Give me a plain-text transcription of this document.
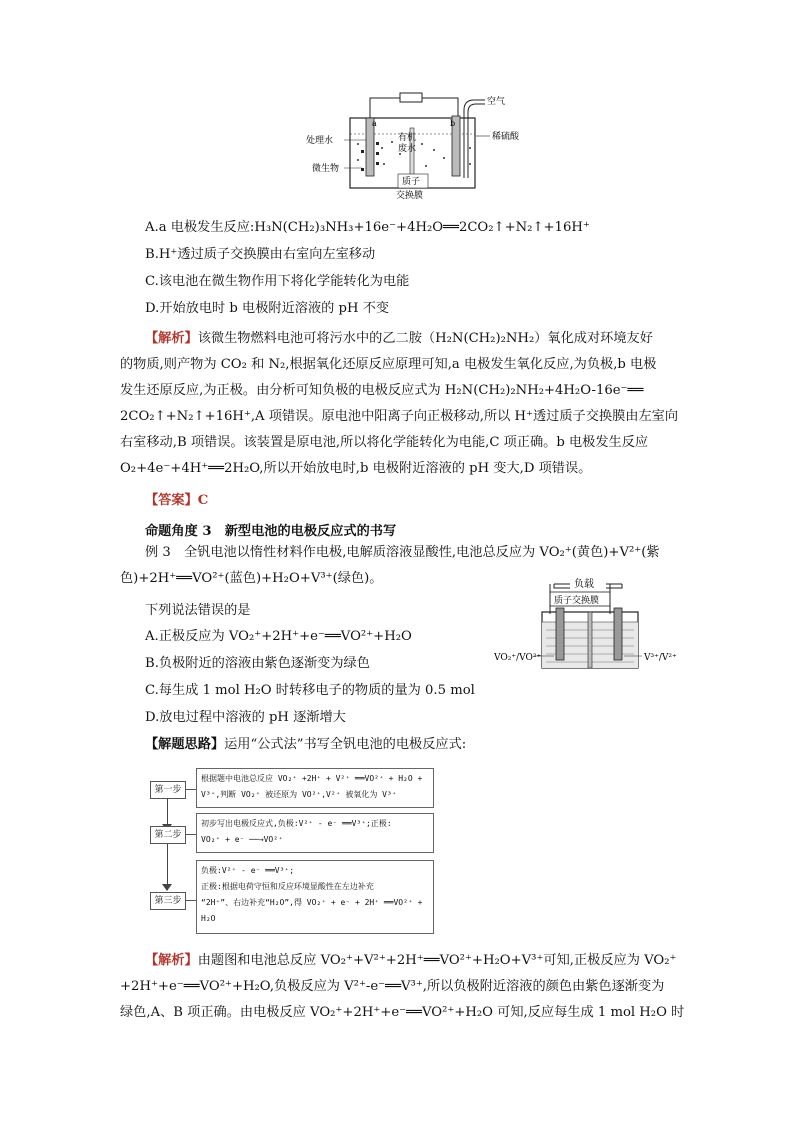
a	b
空气
处理水	有机
废水
稀硫酸
微生物
质子
交换膜
A.a 电极发生反应:H₃N(CH₂)₃NH₃+16e⁻+4H₂O══2CO₂↑+N₂↑+16H⁺
B.H⁺透过质子交换膜由右室向左室移动
C.该电池在微生物作用下将化学能转化为电能
D.开始放电时 b 电极附近溶液的 pH 不变
【解析】该微生物燃料电池可将污水中的乙二胺（H₂N(CH₂)₂NH₂）氧化成对环境友好
的物质,则产物为 CO₂ 和 N₂,根据氧化还原反应原理可知,a 电极发生氧化反应,为负极,b 电极
发生还原反应,为正极。由分析可知负极的电极反应式为 H₂N(CH₂)₂NH₂+4H₂O-16e⁻══
2CO₂↑+N₂↑+16H⁺,A 项错误。原电池中阳离子向正极移动,所以 H⁺透过质子交换膜由左室向
右室移动,B 项错误。该装置是原电池,所以将化学能转化为电能,C 项正确。b 电极发生反应
O₂+4e⁻+4H⁺══2H₂O,所以开始放电时,b 电极附近溶液的 pH 变大,D 项错误。
【答案】C
命题角度 3　新型电池的电极反应式的书写
例 3　全钒电池以惰性材料作电极,电解质溶液显酸性,电池总反应为 VO₂⁺(黄色)+V²⁺(紫
色)+2H⁺══VO²⁺(蓝色)+H₂O+V³⁺(绿色)。
下列说法错误的是
A.正极反应为 VO₂⁺+2H⁺+e⁻══VO²⁺+H₂O
B.负极附近的溶液由紫色逐渐变为绿色
C.每生成 1 mol H₂O 时转移电子的物质的量为 0.5 mol
D.放电过程中溶液的 pH 逐渐增大
负载
质子交换膜
VO₂⁺/VO²⁺	V³⁺/V²⁺
【解题思路】运用“公式法”书写全钒电池的电极反应式:
第一步
根据题中电池总反应 VO₂⁺ +2H⁺ + V²⁺ ══VO²⁺ + H₂O +
V³⁺,判断 VO₂⁺ 被还原为 VO²⁺,V²⁺ 被氧化为 V³⁺
第二步
初步写出电极反应式,负极:V²⁺ - e⁻ ══V³⁺;正极:
VO₂⁺ + e⁻ ──→VO²⁺
第三步
负极:V²⁺ - e⁻ ══V³⁺;
正极:根据电荷守恒和反应环境显酸性在左边补充
“2H⁺”、右边补充“H₂O”,得 VO₂⁺ + e⁻ + 2H⁺ ══VO²⁺ +
H₂O
【解析】由题图和电池总反应 VO₂⁺+V²⁺+2H⁺══VO²⁺+H₂O+V³⁺可知,正极反应为 VO₂⁺
+2H⁺+e⁻══VO²⁺+H₂O,负极反应为 V²⁺-e⁻══V³⁺,所以负极附近溶液的颜色由紫色逐渐变为
绿色,A、B 项正确。由电极反应 VO₂⁺+2H⁺+e⁻══VO²⁺+H₂O 可知,反应每生成 1 mol H₂O 时
